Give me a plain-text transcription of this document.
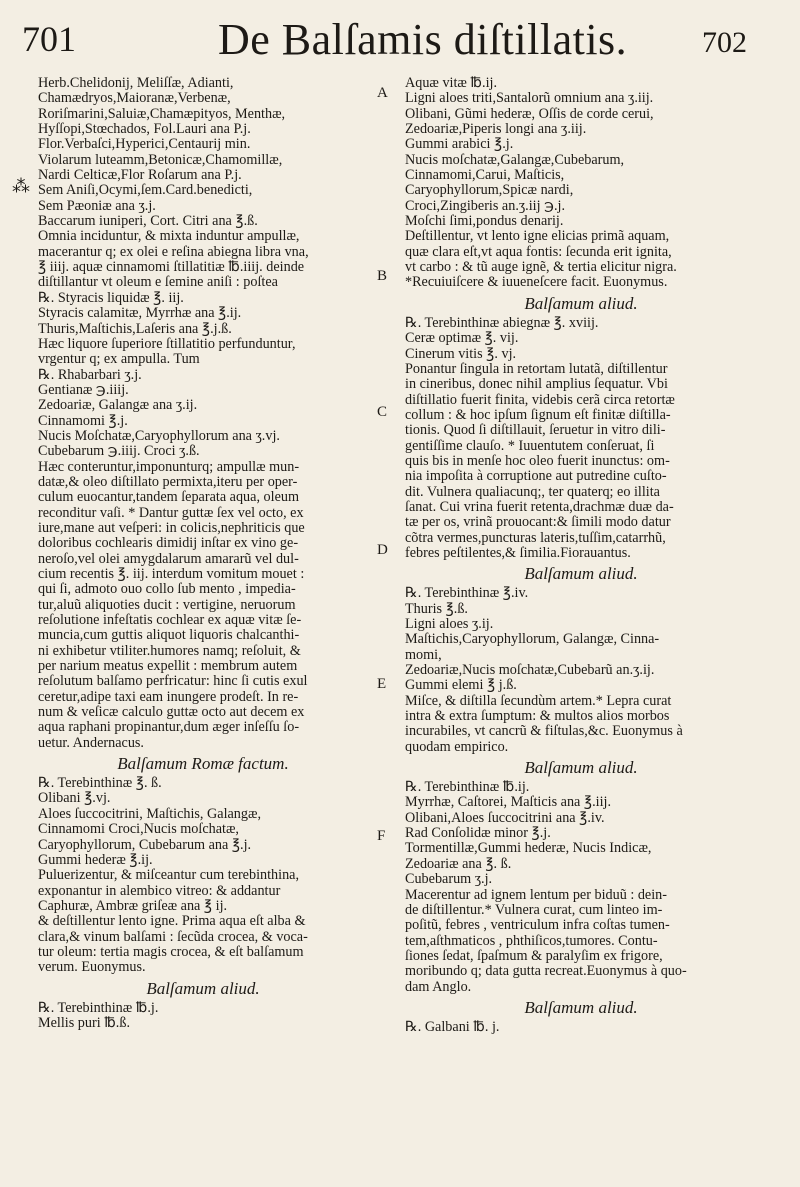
701	De Balſamis diſtillatis. 702
A
B
C
D
E
F
⁂
Herb.Chelidonij, Meliſſæ, Adianti,
Chamædryos,Maioranæ,Verbenæ,
Roriſmarini,Saluiæ,Chamæpityos, Menthæ,
Hyſſopi,Stœchados, Fol.Lauri ana P.j.
Flor.Verbaſci,Hyperici,Centaurij min.
Violarum luteamm,Betonicæ,Chamomillæ,
Nardi Celticæ,Flor Roſarum ana P.j.
Sem Aniſi,Ocymi,ſem.Card.benedicti,
Sem Pæoniæ ana ʒ.j.
Baccarum iuniperi, Cort. Citri ana ℥.ß.
Omnia inciduntur, & mixta induntur ampullæ,
macerantur q; ex olei e reſina abiegna libra vna,
℥ iiij. aquæ cinnamomi ſtillatitiæ ℔.iiij. deinde
diſtillantur vt oleum e ſemine aniſi : poſtea
℞. Styracis liquidæ ℥. iij.
Styracis calamitæ, Myrrhæ ana ℥.ij.
Thuris,Maſtichis,Laſeris ana ℥.j.ß.
Hæc liquore ſuperiore ſtillatitio perfunduntur,
vrgentur q; ex ampulla. Tum
℞. Rhabarbari ʒ.j.
Gentianæ ℈.iiij.
Zedoariæ, Galangæ ana ʒ.ij.
Cinnamomi ℥.j.
Nucis Moſchatæ,Caryophyllorum ana ʒ.vj.
Cubebarum ℈.iiij. Croci ʒ.ß.
Hæc conteruntur,imponunturq; ampullæ mun-
datæ,& oleo diſtillato permixta,iteru per oper-
culum euocantur,tandem ſeparata aqua, oleum
reconditur vaſi. * Dantur guttæ ſex vel octo, ex
iure,mane aut veſperi: in colicis,nephriticis que
doloribus cochlearis dimidij inſtar ex vino ge-
neroſo,vel olei amygdalarum amararũ vel dul-
cium recentis ℥. iij. interdum vomitum mouet :
qui ſi, admoto ouo collo ſub mento , impedia-
tur,aluũ aliquoties ducit : vertigine, neruorum
reſolutione infeſtatis cochlear ex aquæ vitæ ſe-
muncia,cum guttis aliquot liquoris chalcanthi-
ni exhibetur vtiliter.humores namq; reſoluit, &
per narium meatus expellit : membrum autem
reſolutum balſamo perfricatur: hinc ſi cutis exul
ceretur,adipe taxi eam inungere prodeſt. In re-
num & veſicæ calculo guttæ octo aut decem ex
aqua raphani propinantur,dum æger inſeſſu ſo-
uetur. Andernacus.
Balſamum Romæ factum.
℞. Terebinthinæ ℥. ß.
Olibani ℥.vj.
Aloes ſuccocitrini, Maſtichis, Galangæ,
Cinnamomi Croci,Nucis moſchatæ,
Caryophyllorum, Cubebarum ana ℥.j.
Gummi hederæ ℥.ij.
Puluerizentur, & miſceantur cum terebinthina,
exponantur in alembico vitreo: & addantur
Caphuræ, Ambræ griſeæ ana ℥ ij.
& deſtillentur lento igne. Prima aqua eſt alba &
clara,& vinum balſami : ſecũda crocea, & voca-
tur oleum: tertia magis crocea, & eſt balſamum
verum. Euonymus.
Balſamum aliud.
℞. Terebinthinæ ℔.j.
Mellis puri ℔.ß.
Aquæ vitæ ℔.ij.
Ligni aloes triti,Santalorũ omnium ana ʒ.iij.
Olibani, Gũmi hederæ, Oſſis de corde cerui,
Zedoariæ,Piperis longi ana ʒ.iij.
Gummi arabici ℥.j.
Nucis moſchatæ,Galangæ,Cubebarum,
Cinnamomi,Carui, Maſticis,
Caryophyllorum,Spicæ nardi,
Croci,Zingiberis an.ʒ.iij ℈.j.
Moſchi ſimi,pondus denarij.
Deſtillentur, vt lento igne elicias primã aquam,
quæ clara eſt,vt aqua fontis: ſecunda erit ignita,
vt carbo : & tũ auge ignẽ, & tertia elicitur nigra.
*Recuiuiſcere & iuueneſcere facit. Euonymus.
Balſamum aliud.
℞. Terebinthinæ abiegnæ ℥. xviij.
Ceræ optimæ ℥. vij.
Cinerum vitis ℥. vj.
Ponantur ſingula in retortam lutatã, diſtillentur
in cineribus, donec nihil amplius ſequatur. Vbi
diſtillatio fuerit finita, videbis cerã circa retortæ
collum : & hoc ipſum ſignum eſt finitæ diſtilla-
tionis. Quod ſi diſtillauit, ſeruetur in vitro dili-
gentiſſime clauſo. * Iuuentutem conſeruat, ſi
quis bis in menſe hoc oleo fuerit inunctus: om-
nia impoſita à corruptione aut putredine cuſto-
dit. Vulnera qualiacunq;, ter quaterq; eo illita
ſanat. Cui vrina fuerit retenta,drachmæ duæ da-
tæ per os, vrinã prouocant:& ſimili modo datur
cõtra vermes,puncturas lateris,tuſſim,catarrhũ,
febres peſtilentes,& ſimilia.Fiorauantus.
Balſamum aliud.
℞. Terebinthinæ ℥.iv.
Thuris ℥.ß.
Ligni aloes ʒ.ij.
Maſtichis,Caryophyllorum, Galangæ, Cinna-
momi,
Zedoariæ,Nucis moſchatæ,Cubebarũ an.ʒ.ij.
Gummi elemi ℥ j.ß.
Miſce, & diſtilla ſecundùm artem.* Lepra curat
intra & extra ſumptum: & multos alios morbos
incurabiles, vt cancrũ & fiſtulas,&c. Euonymus à
quodam empirico.
Balſamum aliud.
℞. Terebinthinæ ℔.ij.
Myrrhæ, Caſtorei, Maſticis ana ℥.iij.
Olibani,Aloes ſuccocitrini ana ℥.iv.
Rad Conſolidæ minor ℥.j.
Tormentillæ,Gummi hederæ, Nucis Indicæ,
Zedoariæ ana ℥. ß.
Cubebarum ʒ.j.
Macerentur ad ignem lentum per biduũ : dein-
de diſtillentur.* Vulnera curat, cum linteo im-
poſitũ, febres , ventriculum infra coſtas tumen-
tem,aſthmaticos , phthiſicos,tumores. Contu-
ſiones ſedat, ſpaſmum & paralyſim ex frigore,
moribundo q; data gutta recreat.Euonymus à quo-
dam Anglo.
Balſamum aliud.
℞. Galbani ℔. j.
